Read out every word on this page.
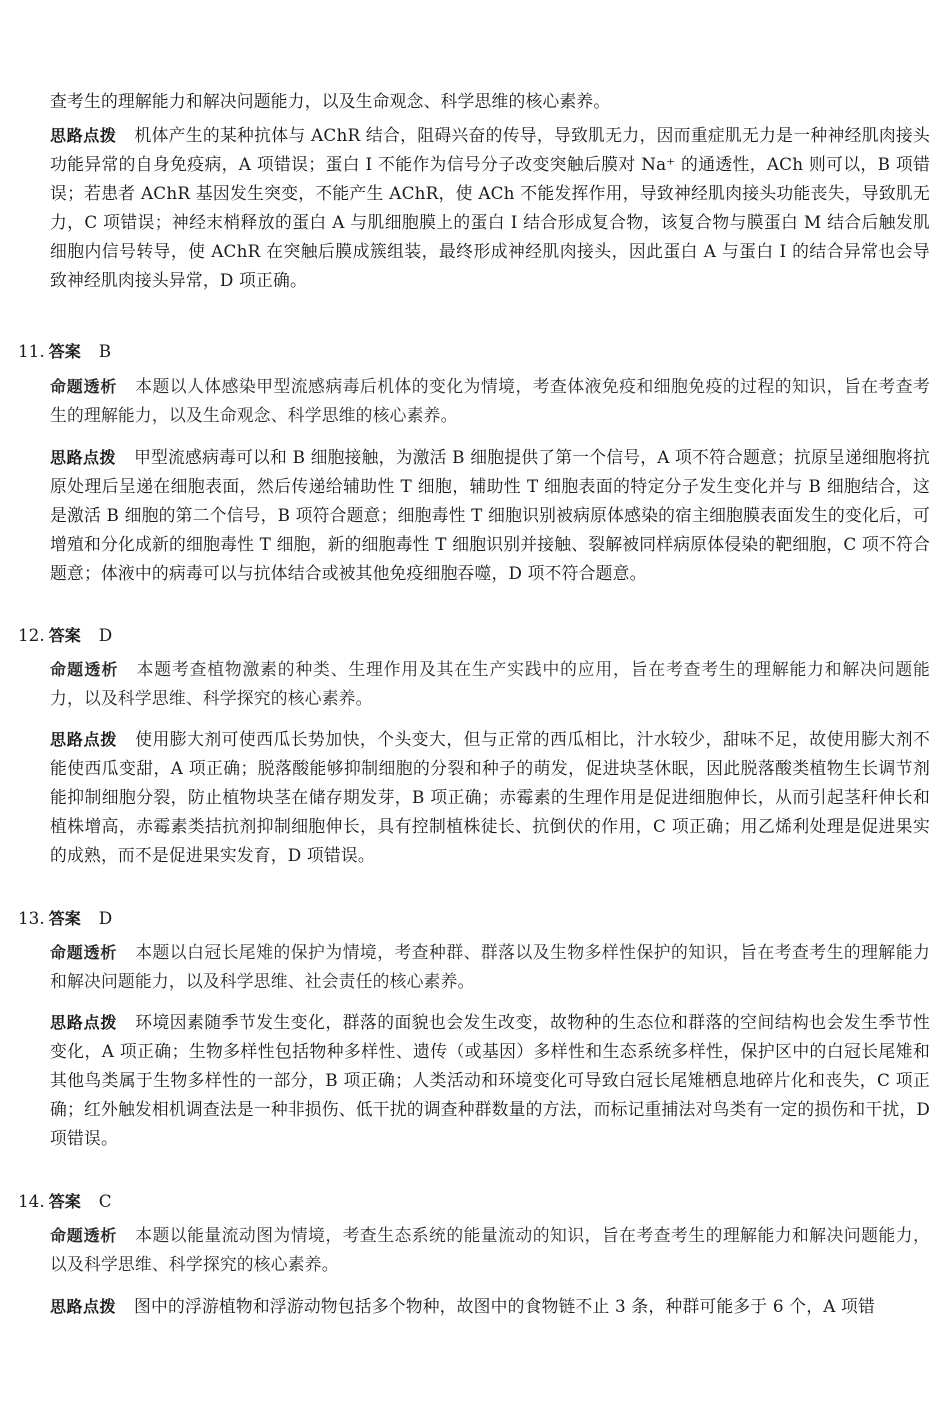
查考生的理解能力和解决问题能力，以及生命观念、科学思维的核心素养。
思路点拨 机体产生的某种抗体与 AChR 结合，阻碍兴奋的传导，导致肌无力，因而重症肌无力是一种神经肌肉接头功能异常的自身免疫病，A 项错误；蛋白 I 不能作为信号分子改变突触后膜对 Na⁺ 的通透性，ACh 则可以，B 项错误；若患者 AChR 基因发生突变，不能产生 AChR，使 ACh 不能发挥作用，导致神经肌肉接头功能丧失，导致肌无力，C 项错误；神经末梢释放的蛋白 A 与肌细胞膜上的蛋白 I 结合形成复合物，该复合物与膜蛋白 M 结合后触发肌细胞内信号转导，使 AChR 在突触后膜成簇组装，最终形成神经肌肉接头，因此蛋白 A 与蛋白 I 的结合异常也会导致神经肌肉接头异常，D 项正确。
11. 答案 B
命题透析 本题以人体感染甲型流感病毒后机体的变化为情境，考查体液免疫和细胞免疫的过程的知识，旨在考查考生的理解能力，以及生命观念、科学思维的核心素养。
思路点拨 甲型流感病毒可以和 B 细胞接触，为激活 B 细胞提供了第一个信号，A 项不符合题意；抗原呈递细胞将抗原处理后呈递在细胞表面，然后传递给辅助性 T 细胞，辅助性 T 细胞表面的特定分子发生变化并与 B 细胞结合，这是激活 B 细胞的第二个信号，B 项符合题意；细胞毒性 T 细胞识别被病原体感染的宿主细胞膜表面发生的变化后，可增殖和分化成新的细胞毒性 T 细胞，新的细胞毒性 T 细胞识别并接触、裂解被同样病原体侵染的靶细胞，C 项不符合题意；体液中的病毒可以与抗体结合或被其他免疫细胞吞噬，D 项不符合题意。
12. 答案 D
命题透析 本题考查植物激素的种类、生理作用及其在生产实践中的应用，旨在考查考生的理解能力和解决问题能力，以及科学思维、科学探究的核心素养。
思路点拨 使用膨大剂可使西瓜长势加快，个头变大，但与正常的西瓜相比，汁水较少，甜味不足，故使用膨大剂不能使西瓜变甜，A 项正确；脱落酸能够抑制细胞的分裂和种子的萌发，促进块茎休眠，因此脱落酸类植物生长调节剂能抑制细胞分裂，防止植物块茎在储存期发芽，B 项正确；赤霉素的生理作用是促进细胞伸长，从而引起茎秆伸长和植株增高，赤霉素类拮抗剂抑制细胞伸长，具有控制植株徒长、抗倒伏的作用，C 项正确；用乙烯利处理是促进果实的成熟，而不是促进果实发育，D 项错误。
13. 答案 D
命题透析 本题以白冠长尾雉的保护为情境，考查种群、群落以及生物多样性保护的知识，旨在考查考生的理解能力和解决问题能力，以及科学思维、社会责任的核心素养。
思路点拨 环境因素随季节发生变化，群落的面貌也会发生改变，故物种的生态位和群落的空间结构也会发生季节性变化，A 项正确；生物多样性包括物种多样性、遗传（或基因）多样性和生态系统多样性，保护区中的白冠长尾雉和其他鸟类属于生物多样性的一部分，B 项正确；人类活动和环境变化可导致白冠长尾雉栖息地碎片化和丧失，C 项正确；红外触发相机调查法是一种非损伤、低干扰的调查种群数量的方法，而标记重捕法对鸟类有一定的损伤和干扰，D 项错误。
14. 答案 C
命题透析 本题以能量流动图为情境，考查生态系统的能量流动的知识，旨在考查考生的理解能力和解决问题能力，以及科学思维、科学探究的核心素养。
思路点拨 图中的浮游植物和浮游动物包括多个物种，故图中的食物链不止 3 条，种群可能多于 6 个，A 项错
